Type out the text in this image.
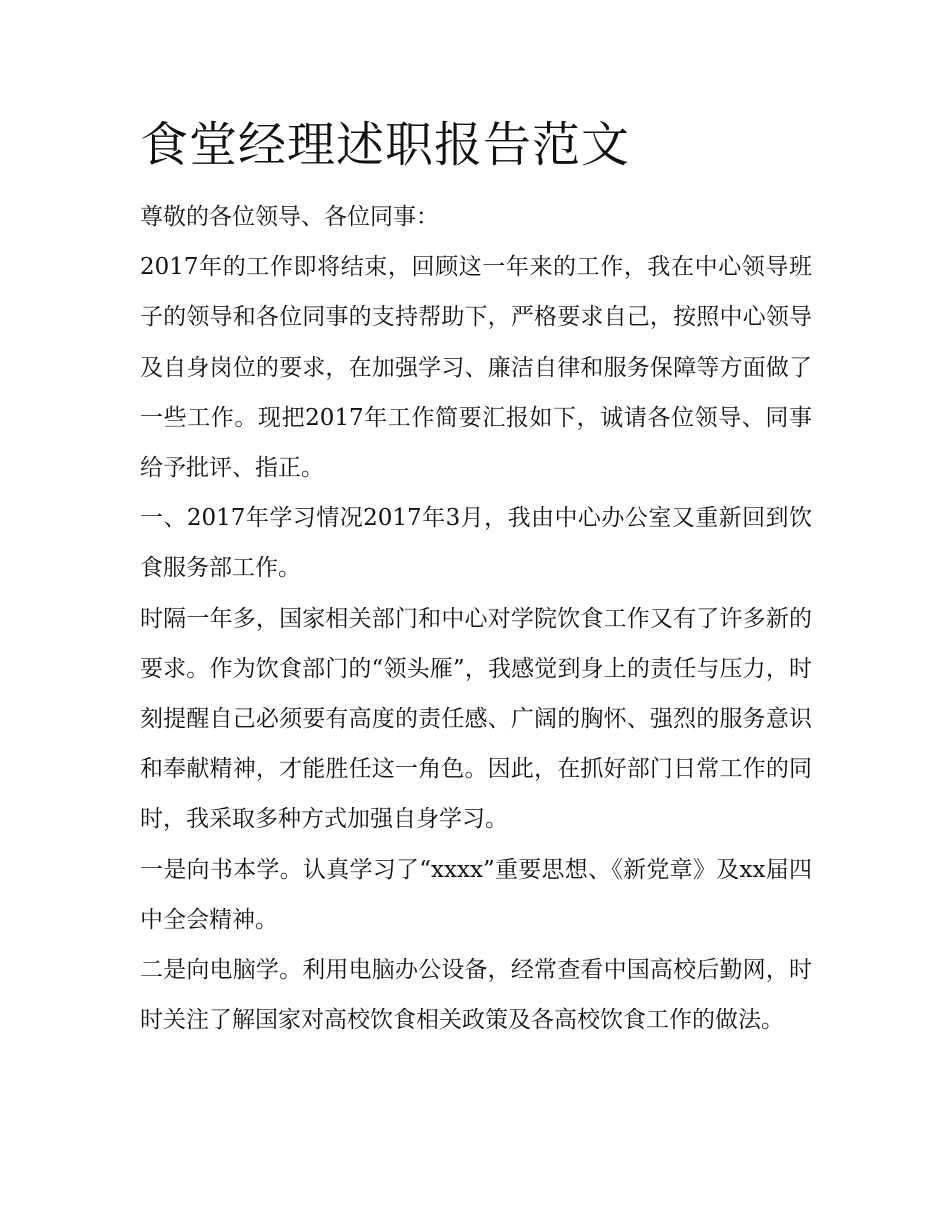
食堂经理述职报告范文

尊敬的各位领导、各位同事：

2017年的工作即将结束，回顾这一年来的工作，我在中心领导班子的领导和各位同事的支持帮助下，严格要求自己，按照中心领导及自身岗位的要求，在加强学习、廉洁自律和服务保障等方面做了一些工作。现把2017年工作简要汇报如下，诚请各位领导、同事给予批评、指正。

一、2017年学习情况2017年3月，我由中心办公室又重新回到饮食服务部工作。

时隔一年多，国家相关部门和中心对学院饮食工作又有了许多新的要求。作为饮食部门的“领头雁”，我感觉到身上的责任与压力，时刻提醒自己必须要有高度的责任感、广阔的胸怀、强烈的服务意识和奉献精神，才能胜任这一角色。因此，在抓好部门日常工作的同时，我采取多种方式加强自身学习。

一是向书本学。认真学习了“xxxx”重要思想、《新党章》及xx届四中全会精神。

二是向电脑学。利用电脑办公设备，经常查看中国高校后勤网，时时关注了解国家对高校饮食相关政策及各高校饮食工作的做法。
